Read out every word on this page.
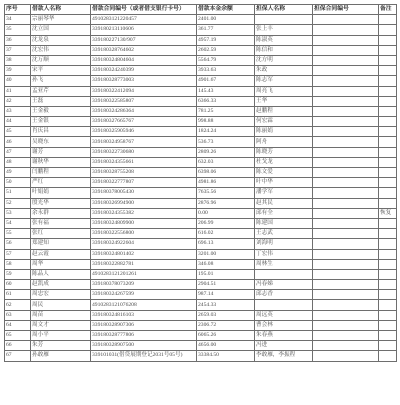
序号	借款人名称	借款合同编号（或者借支银行卡号）	借款本金余额	担保人名称	担保合同编号	备注
34	宗丽琴华	4910283121220457	2401.00			
35	沈立国	339180213110606	361.77	张上丰		
36	沈龙泉	339180227130/907	4957.19	陈淑英		
37	沈宏伟	339180328764602	2602.59	陈信和		
38	沈万顺	339180324804604	5564.79	沈方明		
39	宋平	339180324240399	3933.63	朱政		
40	孙飞	339180328773003	4901.67	陈志军		
41	孟亚芹	339180322412094	145.43	周亮飞		
42	王磊	339180322585807	6366.33	王华		
43	王金毅	339180324286364	781.25	赵鹏程		
44	王金银	339180327665767	998.88	何宏霖		
45	肖庆昌	339180325905946	1824.24	陈丽娟		
46	吴晓东	339180324958767	536.73	阿舟		
47	谢芳	339180322730680	2809.26	陈晓芳		
48	谢秋华	339180324355661	632.03	杜戈龙		
49	闫鹏程	339180328755208	6398.06	陈文爱		
50	严红	339180322777807	4981.86	叶中华		
51	叶娟娟	339180378005430	7635.56	潘学军		
52	殷光华	339180326994900	2876.96	赵其民		
53	余永群	339180324355382	0.00	邱有全		恢复
54	张有福	339180324809900	206.99	陈建国		
55	张红	339180322556800	616.02	王志武		
56	郑建知	339180324922604	696.13	刘海明		
57	赵云霞	339180324801402	3201.00	丁宏伟		
58	周华	339180322882781	346.08	周林生		
59	陈品人	4910283121201261	195.01			
60	赵凯成	339180378073209	2904.51	冯春娣		
61	周忠宏	339180324267599	987.14	邱志香		
62	周民	4910283121076208	2454.33			
63	周苗	339180324816103	2659.03	周远英		
64	周文才	339180328907306	2306.72	曹会林		
65	周小平	339180328777806	6065.26	朱春燕		
66	朱芳	339180328907500	4656.00	冯进		
67	孙敢雁	339101031(借贷展期登记2031号05号)	33384.50	李敢雁，李振程		
